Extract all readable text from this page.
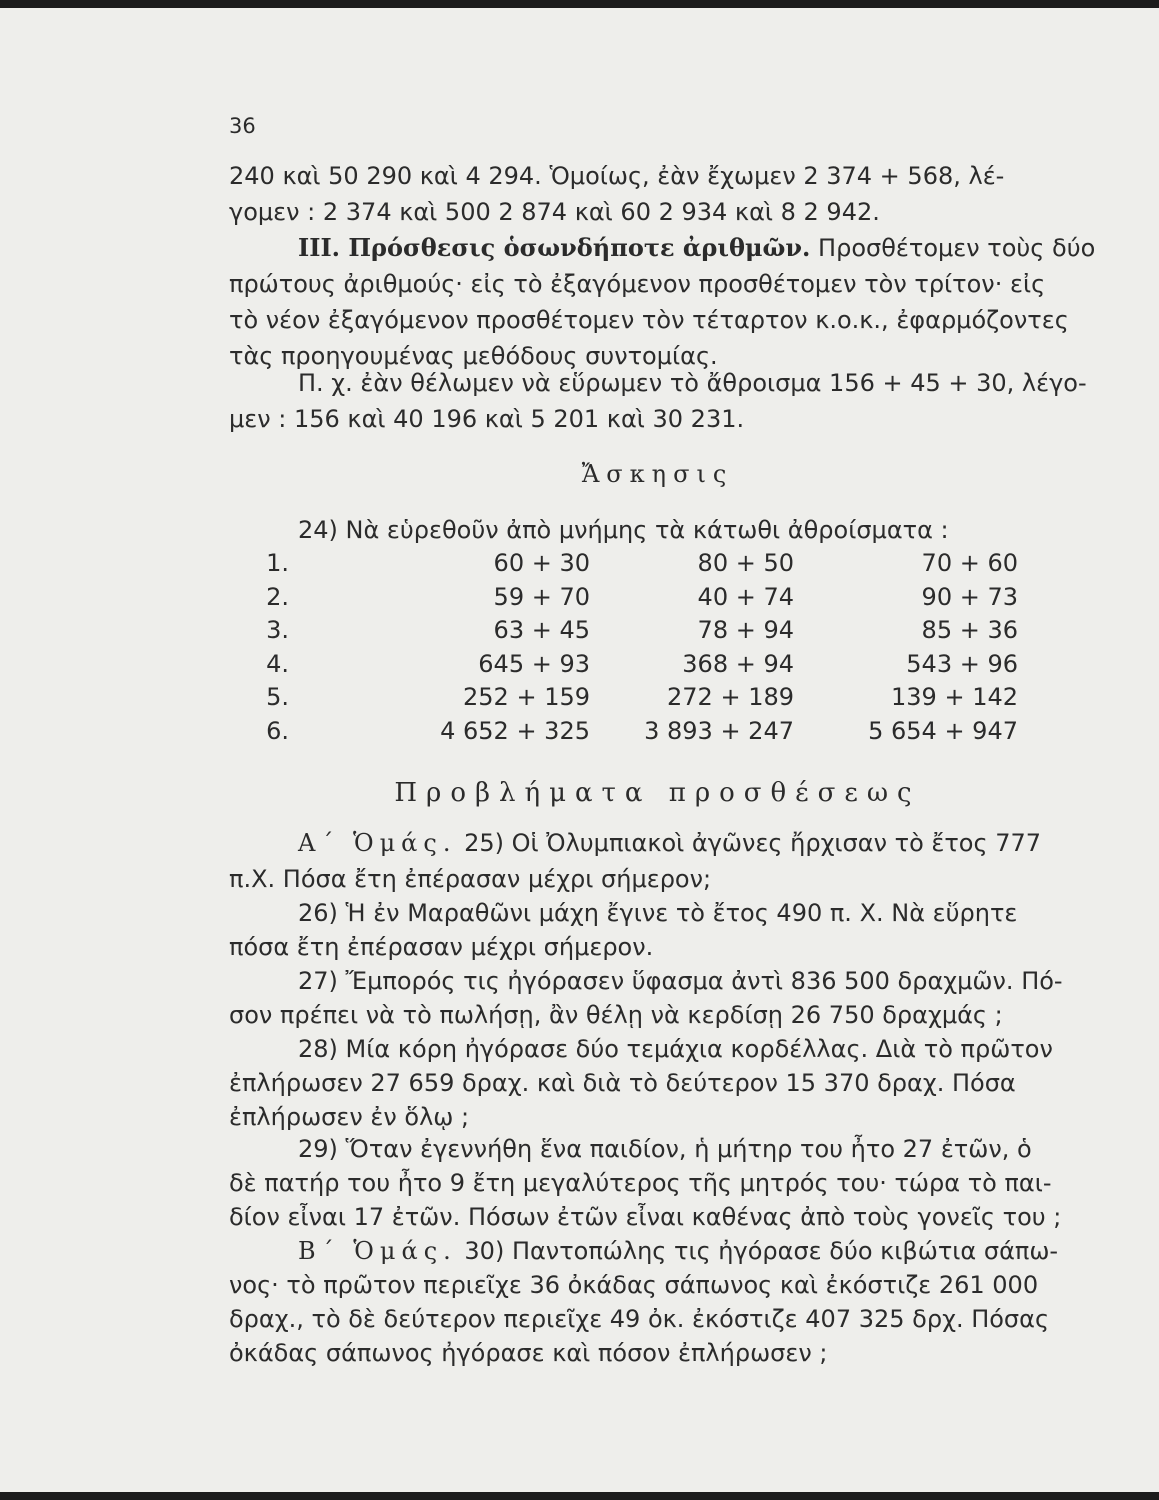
36
240 καὶ 50 290 καὶ 4 294. Ὁμοίως, ἐὰν ἔχωμεν 2 374 + 568, λέ-
γομεν : 2 374 καὶ 500 2 874 καὶ 60 2 934 καὶ 8 2 942.
ΙΙΙ. Πρόσθεσις ὁσωνδήποτε ἀριθμῶν. Προσθέτομεν τοὺς δύο
πρώτους ἀριθμούς· εἰς τὸ ἐξαγόμενον προσθέτομεν τὸν τρίτον· εἰς
τὸ νέον ἐξαγόμενον προσθέτομεν τὸν τέταρτον κ.ο.κ., ἐφαρμόζοντες
τὰς προηγουμένας μεθόδους συντομίας.
Π. χ. ἐὰν θέλωμεν νὰ εὕρωμεν τὸ ἄθροισμα 156 + 45 + 30, λέγο-
μεν : 156 καὶ 40 196 καὶ 5 201 καὶ 30 231.
Ἄσκησις
24) Νὰ εὑρεθοῦν ἀπὸ μνήμης τὰ κάτωθι ἀθροίσματα :
1.	60 + 30	80 + 50	70 + 60
2.	59 + 70	40 + 74	90 + 73
3.	63 + 45	78 + 94	85 + 36
4.	645 + 93	368 + 94	543 + 96
5.	252 + 159	272 + 189	139 + 142
6.	4 652 + 325	3 893 + 247	5 654 + 947
Προβλήματα προσθέσεως
Α΄ Ὁμάς. 25) Οἱ Ὀλυμπιακοὶ ἀγῶνες ἤρχισαν τὸ ἔτος 777
π.Χ. Πόσα ἔτη ἐπέρασαν μέχρι σήμερον;
26) Ἡ ἐν Μαραθῶνι μάχη ἔγινε τὸ ἔτος 490 π. Χ. Νὰ εὕρητε
πόσα ἔτη ἐπέρασαν μέχρι σήμερον.
27) Ἔμπορός τις ἠγόρασεν ὕφασμα ἀντὶ 836 500 δραχμῶν. Πό-
σον πρέπει νὰ τὸ πωλήσῃ, ἂν θέλῃ νὰ κερδίσῃ 26 750 δραχμάς ;
28) Μία κόρη ἠγόρασε δύο τεμάχια κορδέλλας. Διὰ τὸ πρῶτον
ἐπλήρωσεν 27 659 δραχ. καὶ διὰ τὸ δεύτερον 15 370 δραχ. Πόσα
ἐπλήρωσεν ἐν ὅλῳ ;
29) Ὅταν ἐγεννήθη ἕνα παιδίον, ἡ μήτηρ του ἦτο 27 ἐτῶν, ὁ
δὲ πατήρ του ἦτο 9 ἔτη μεγαλύτερος τῆς μητρός του· τώρα τὸ παι-
δίον εἶναι 17 ἐτῶν. Πόσων ἐτῶν εἶναι καθένας ἀπὸ τοὺς γονεῖς του ;
Β΄ Ὁμάς. 30) Παντοπώλης τις ἠγόρασε δύο κιβώτια σάπω-
νος· τὸ πρῶτον περιεῖχε 36 ὀκάδας σάπωνος καὶ ἐκόστιζε 261 000
δραχ., τὸ δὲ δεύτερον περιεῖχε 49 ὀκ. ἐκόστιζε 407 325 δρχ. Πόσας
ὀκάδας σάπωνος ἠγόρασε καὶ πόσον ἐπλήρωσεν ;
